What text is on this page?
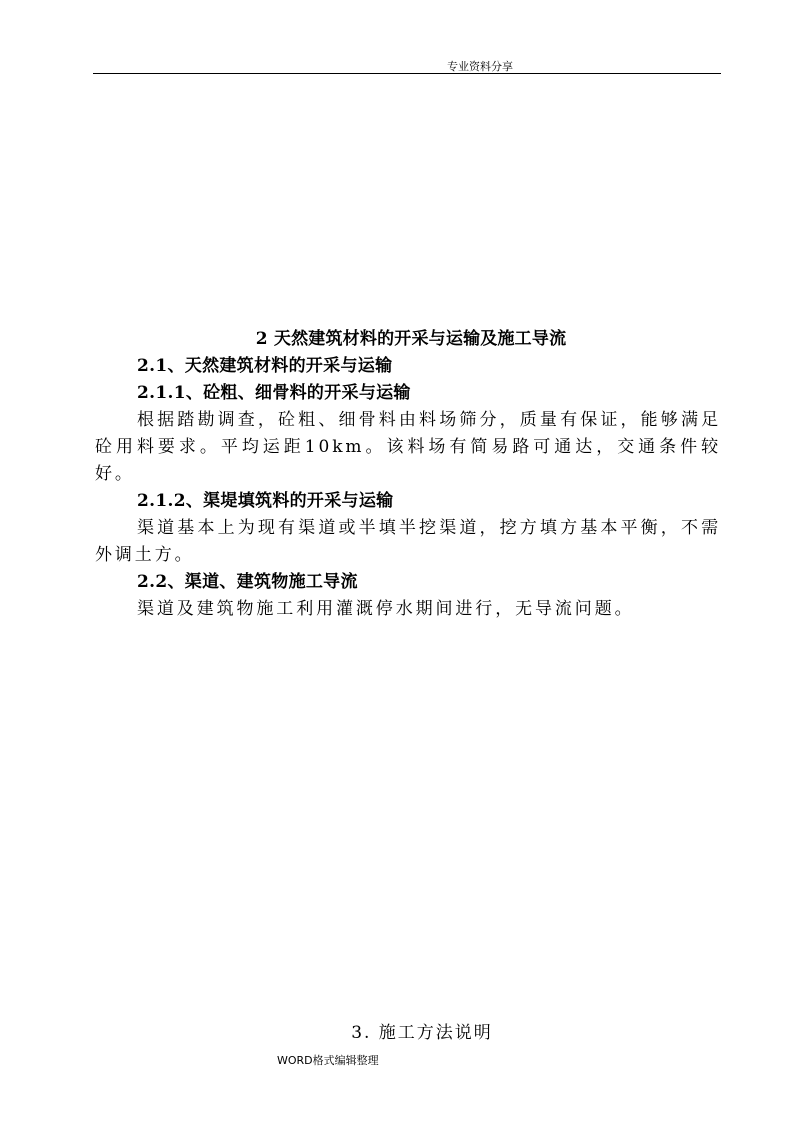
专业资料分享

2 天然建筑材料的开采与运输及施工导流

2.1、天然建筑材料的开采与运输

2.1.1、砼粗、细骨料的开采与运输

根据踏勘调查，砼粗、细骨料由料场筛分，质量有保证，能够满足砼用料要求。平均运距10km。该料场有简易路可通达，交通条件较好。

2.1.2、渠堤填筑料的开采与运输

渠道基本上为现有渠道或半填半挖渠道，挖方填方基本平衡，不需外调土方。

2.2、渠道、建筑物施工导流

渠道及建筑物施工利用灌溉停水期间进行，无导流问题。

3. 施工方法说明
WORD格式编辑整理
